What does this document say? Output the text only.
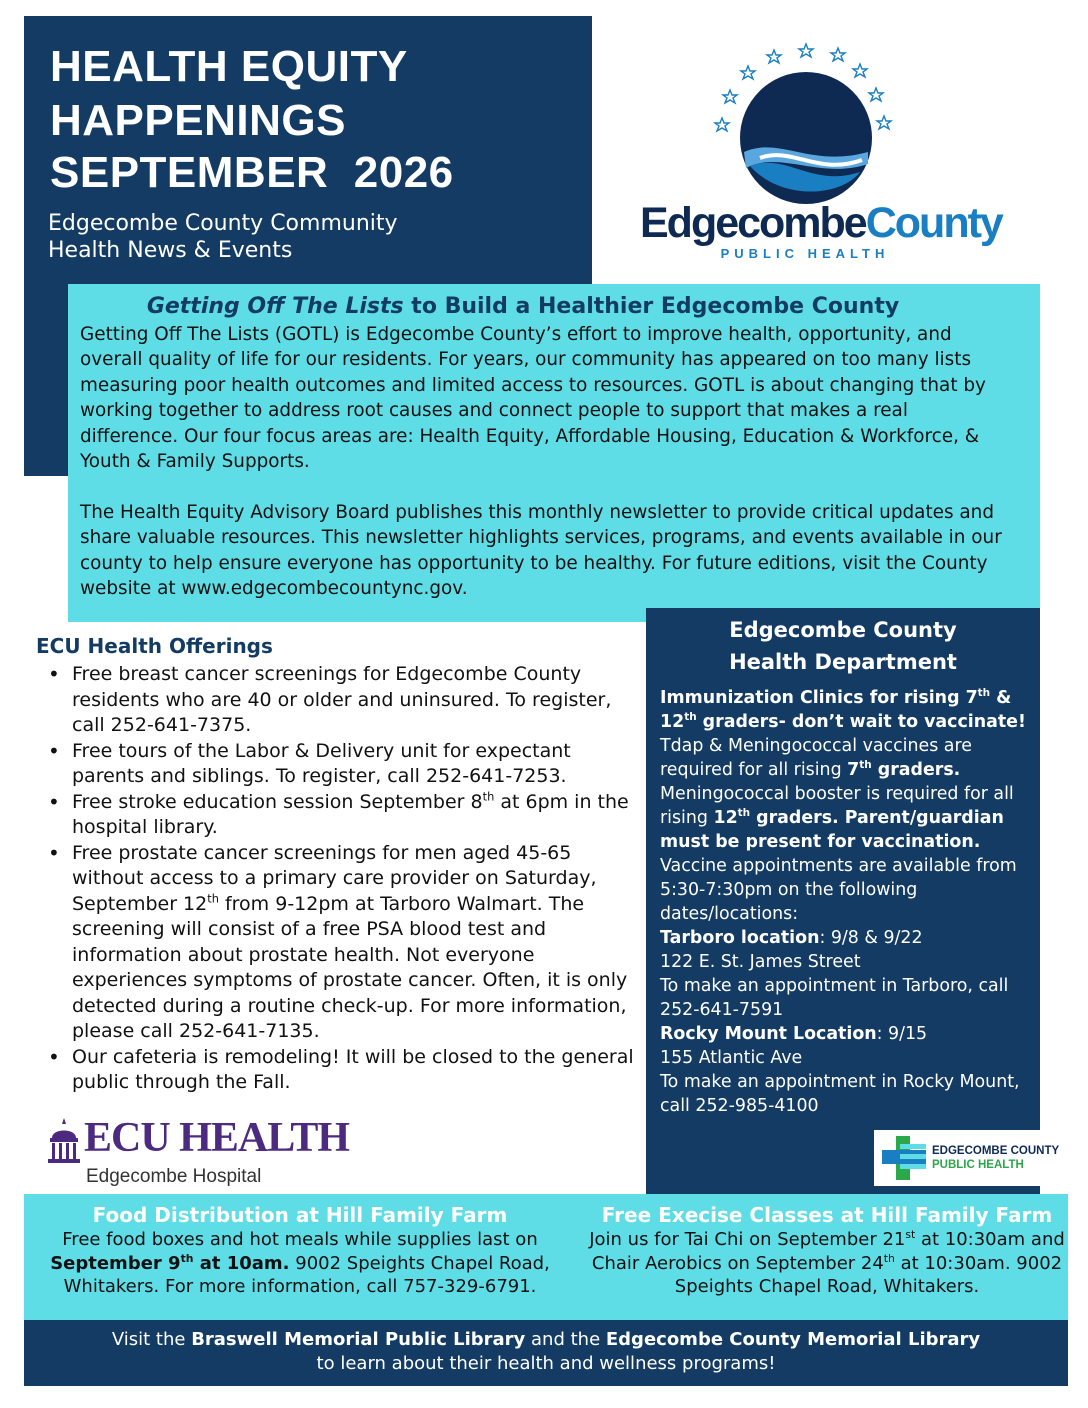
HEALTH EQUITY
HAPPENINGS
SEPTEMBER  2026
Edgecombe County Community
Health News & Events
EdgecombeCounty
PUBLIC HEALTH
Getting Off The Lists to Build a Healthier Edgecombe County
Getting Off The Lists (GOTL) is Edgecombe County’s effort to improve health, opportunity, and overall quality of life for our residents. For years, our community has appeared on too many lists measuring poor health outcomes and limited access to resources. GOTL is about changing that by working together to address root causes and connect people to support that makes a real difference. Our four focus areas are: Health Equity, Affordable Housing, Education & Workforce, & Youth & Family Supports.
The Health Equity Advisory Board publishes this monthly newsletter to provide critical updates and share valuable resources. This newsletter highlights services, programs, and events available in our county to help ensure everyone has opportunity to be healthy. For future editions, visit the County website at www.edgecombecountync.gov.
ECU Health Offerings
• Free breast cancer screenings for Edgecombe County residents who are 40 or older and uninsured. To register, call 252-641-7375.
• Free tours of the Labor & Delivery unit for expectant parents and siblings. To register, call 252-641-7253.
• Free stroke education session September 8th at 6pm in the hospital library.
• Free prostate cancer screenings for men aged 45-65 without access to a primary care provider on Saturday, September 12th from 9-12pm at Tarboro Walmart. The screening will consist of a free PSA blood test and information about prostate health. Not everyone experiences symptoms of prostate cancer. Often, it is only detected during a routine check-up. For more information, please call 252-641-7135.
• Our cafeteria is remodeling! It will be closed to the general public through the Fall.
ECU HEALTH
Edgecombe Hospital
Edgecombe County
Health Department
Immunization Clinics for rising 7th & 12th graders- don’t wait to vaccinate!
Tdap & Meningococcal vaccines are required for all rising 7th graders.
Meningococcal booster is required for all rising 12th graders. Parent/guardian must be present for vaccination.
Vaccine appointments are available from 5:30-7:30pm on the following dates/locations:
Tarboro location: 9/8 & 9/22
122 E. St. James Street
To make an appointment in Tarboro, call 252-641-7591
Rocky Mount Location: 9/15
155 Atlantic Ave
To make an appointment in Rocky Mount, call 252-985-4100
EDGECOMBE COUNTY
PUBLIC HEALTH
Food Distribution at Hill Family Farm
Free food boxes and hot meals while supplies last on September 9th at 10am. 9002 Speights Chapel Road, Whitakers. For more information, call 757-329-6791.
Free Execise Classes at Hill Family Farm
Join us for Tai Chi on September 21st at 10:30am and Chair Aerobics on September 24th at 10:30am. 9002 Speights Chapel Road, Whitakers.
Visit the Braswell Memorial Public Library and the Edgecombe County Memorial Library
to learn about their health and wellness programs!
